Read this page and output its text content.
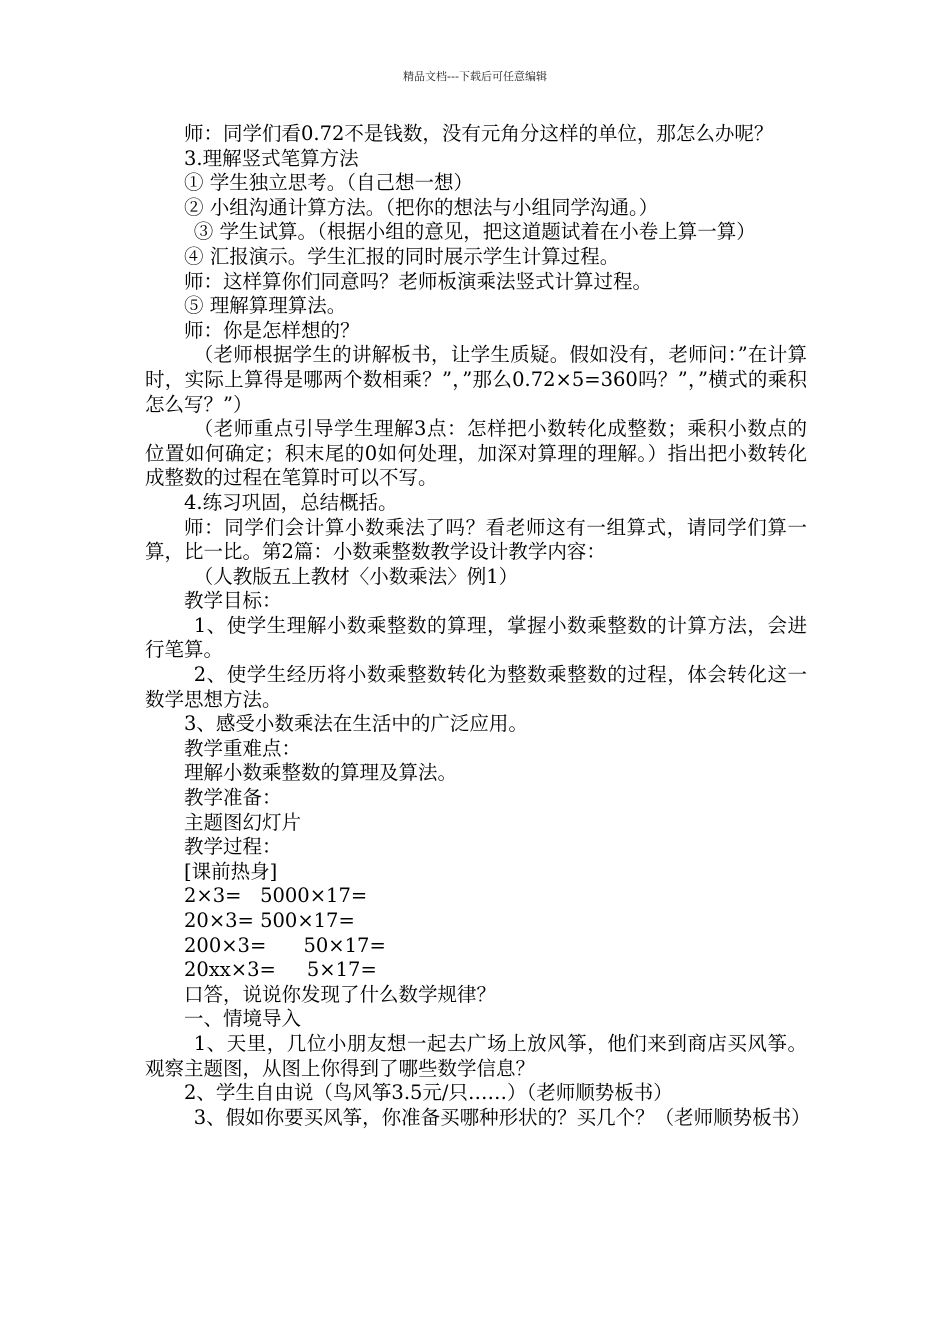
精品文档---下载后可任意编辑

师：同学们看0.72不是钱数，没有元角分这样的单位，那怎么办呢？

3.理解竖式笔算方法

① 学生独立思考。（自己想一想）

② 小组沟通计算方法。（把你的想法与小组同学沟通。）

③ 学生试算。（根据小组的意见，把这道题试着在小卷上算一算）

④ 汇报演示。学生汇报的同时展示学生计算过程。

师：这样算你们同意吗？老师板演乘法竖式计算过程。

⑤ 理解算理算法。

师：你是怎样想的？

（老师根据学生的讲解板书，让学生质疑。假如没有，老师问：”在计算时，实际上算得是哪两个数相乘？”，”那么0.72×5=360吗？”，”横式的乘积怎么写？”）

（老师重点引导学生理解3点：怎样把小数转化成整数；乘积小数点的位置如何确定；积末尾的0如何处理，加深对算理的理解。）指出把小数转化成整数的过程在笔算时可以不写。

4.练习巩固，总结概括。

师：同学们会计算小数乘法了吗？看老师这有一组算式，请同学们算一算，比一比。第2篇：小数乘整数教学设计教学内容：

（人教版五上教材〈小数乘法〉例1）

教学目标：

1、使学生理解小数乘整数的算理，掌握小数乘整数的计算方法，会进行笔算。

2、使学生经历将小数乘整数转化为整数乘整数的过程，体会转化这一数学思想方法。

3、感受小数乘法在生活中的广泛应用。

教学重难点：

理解小数乘整数的算理及算法。

教学准备：

主题图幻灯片

教学过程：

[课前热身]

2×3=   5000×17=

20×3= 500×17=

200×3=      50×17=

20xx×3=     5×17=

口答，说说你发现了什么数学规律？

一、情境导入

1、天里，几位小朋友想一起去广场上放风筝，他们来到商店买风筝。观察主题图，从图上你得到了哪些数学信息？

2、学生自由说（鸟风筝3.5元/只……）（老师顺势板书）

3、假如你要买风筝，你准备买哪种形状的？买几个？（老师顺势板书）
